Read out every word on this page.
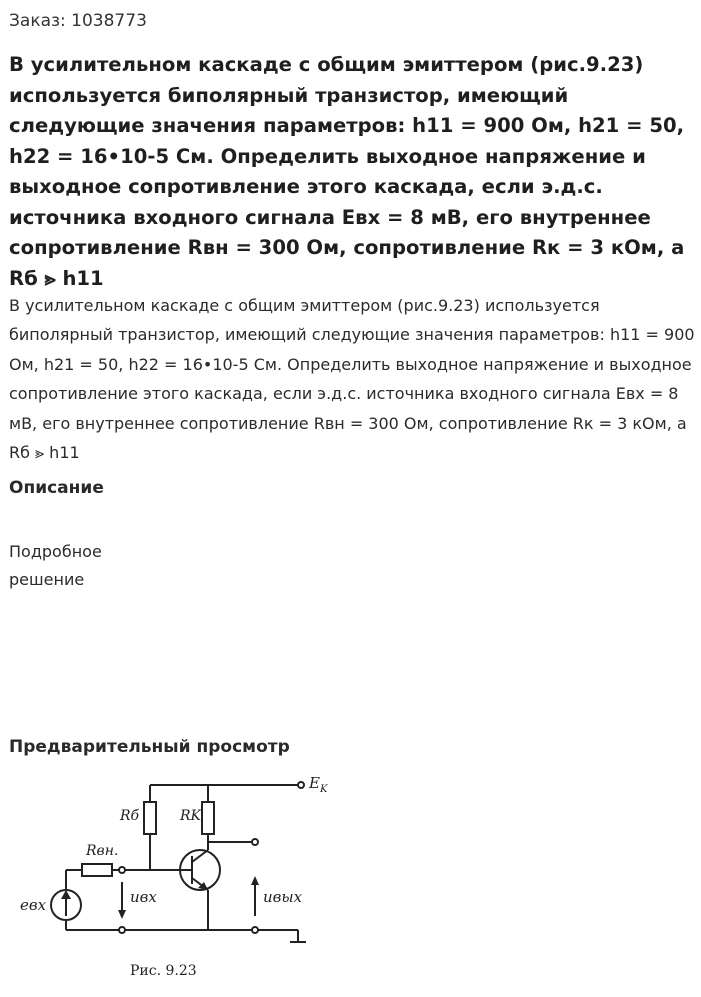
Заказ: 1038773
В усилительном каскаде с общим эмиттером (рис.9.23) используется биполярный транзистор, имеющий следующие значения параметров: h11 = 900 Ом, h21 = 50, h22 = 16•10-5 См. Определить выходное напряжение и выходное сопротивление этого каскада, если э.д.с. источника входного сигнала Eвх = 8 мВ, его внутреннее сопротивление Rвн = 300 Ом, сопротивление Rк = 3 кОм, а Rб ⪢ h11

В усилительном каскаде с общим эмиттером (рис.9.23) используется биполярный транзистор, имеющий следующие значения параметров: h11 = 900 Ом, h21 = 50, h22 = 16•10-5 См. Определить выходное напряжение и выходное сопротивление этого каскада, если э.д.с. источника входного сигнала Eвх = 8 мВ, его внутреннее сопротивление Rвн = 300 Ом, сопротивление Rк = 3 кОм, а Rб ⪢ h11

Описание

Подробное решение

Предварительный просмотр
$E_K$
Rб	RK
Rвн.
uвх	uвых
eвх
Рис. 9.23
